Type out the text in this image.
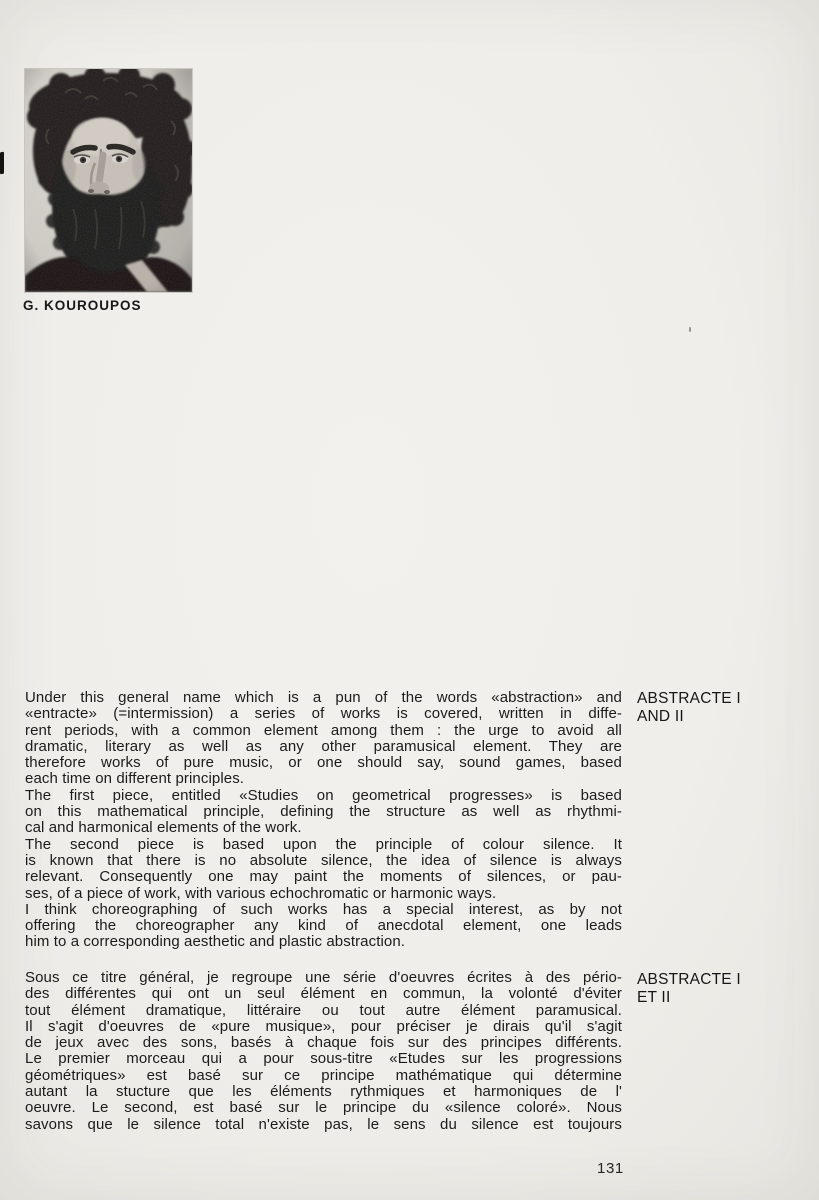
G. KOUROUPOS
ABSTRACTE I
AND II
Under this general name which is a pun of the words «abstraction» and
«entracte» (=intermission) a series of works is covered, written in diffe-
rent periods, with a common element among them : the urge to avoid all
dramatic, literary as well as any other paramusical element. They are
therefore works of pure music, or one should say, sound games, based
each time on different principles.
The first piece, entitled «Studies on geometrical progresses» is based
on this mathematical principle, defining the structure as well as rhythmi-
cal and harmonical elements of the work.
The second piece is based upon the principle of colour silence. It
is known that there is no absolute silence, the idea of silence is always
relevant. Consequently one may paint the moments of silences, or pau-
ses, of a piece of work, with various echochromatic or harmonic ways.
I think choreographing of such works has a special interest, as by not
offering the choreographer any kind of anecdotal element, one leads
him to a corresponding aesthetic and plastic abstraction.
ABSTRACTE I
ET II
Sous ce titre général, je regroupe une série d'oeuvres écrites à des pério-
des différentes qui ont un seul élément en commun, la volonté d'éviter
tout élément dramatique, littéraire ou tout autre élément paramusical.
Il s'agit d'oeuvres de «pure musique», pour préciser je dirais qu'il s'agit
de jeux avec des sons, basés à chaque fois sur des principes différents.
Le premier morceau qui a pour sous-titre «Etudes sur les progressions
géométriques» est basé sur ce principe mathématique qui détermine
autant la stucture que les éléments rythmiques et harmoniques de l'
oeuvre. Le second, est basé sur le principe du «silence coloré». Nous
savons que le silence total n'existe pas, le sens du silence est toujours
131
